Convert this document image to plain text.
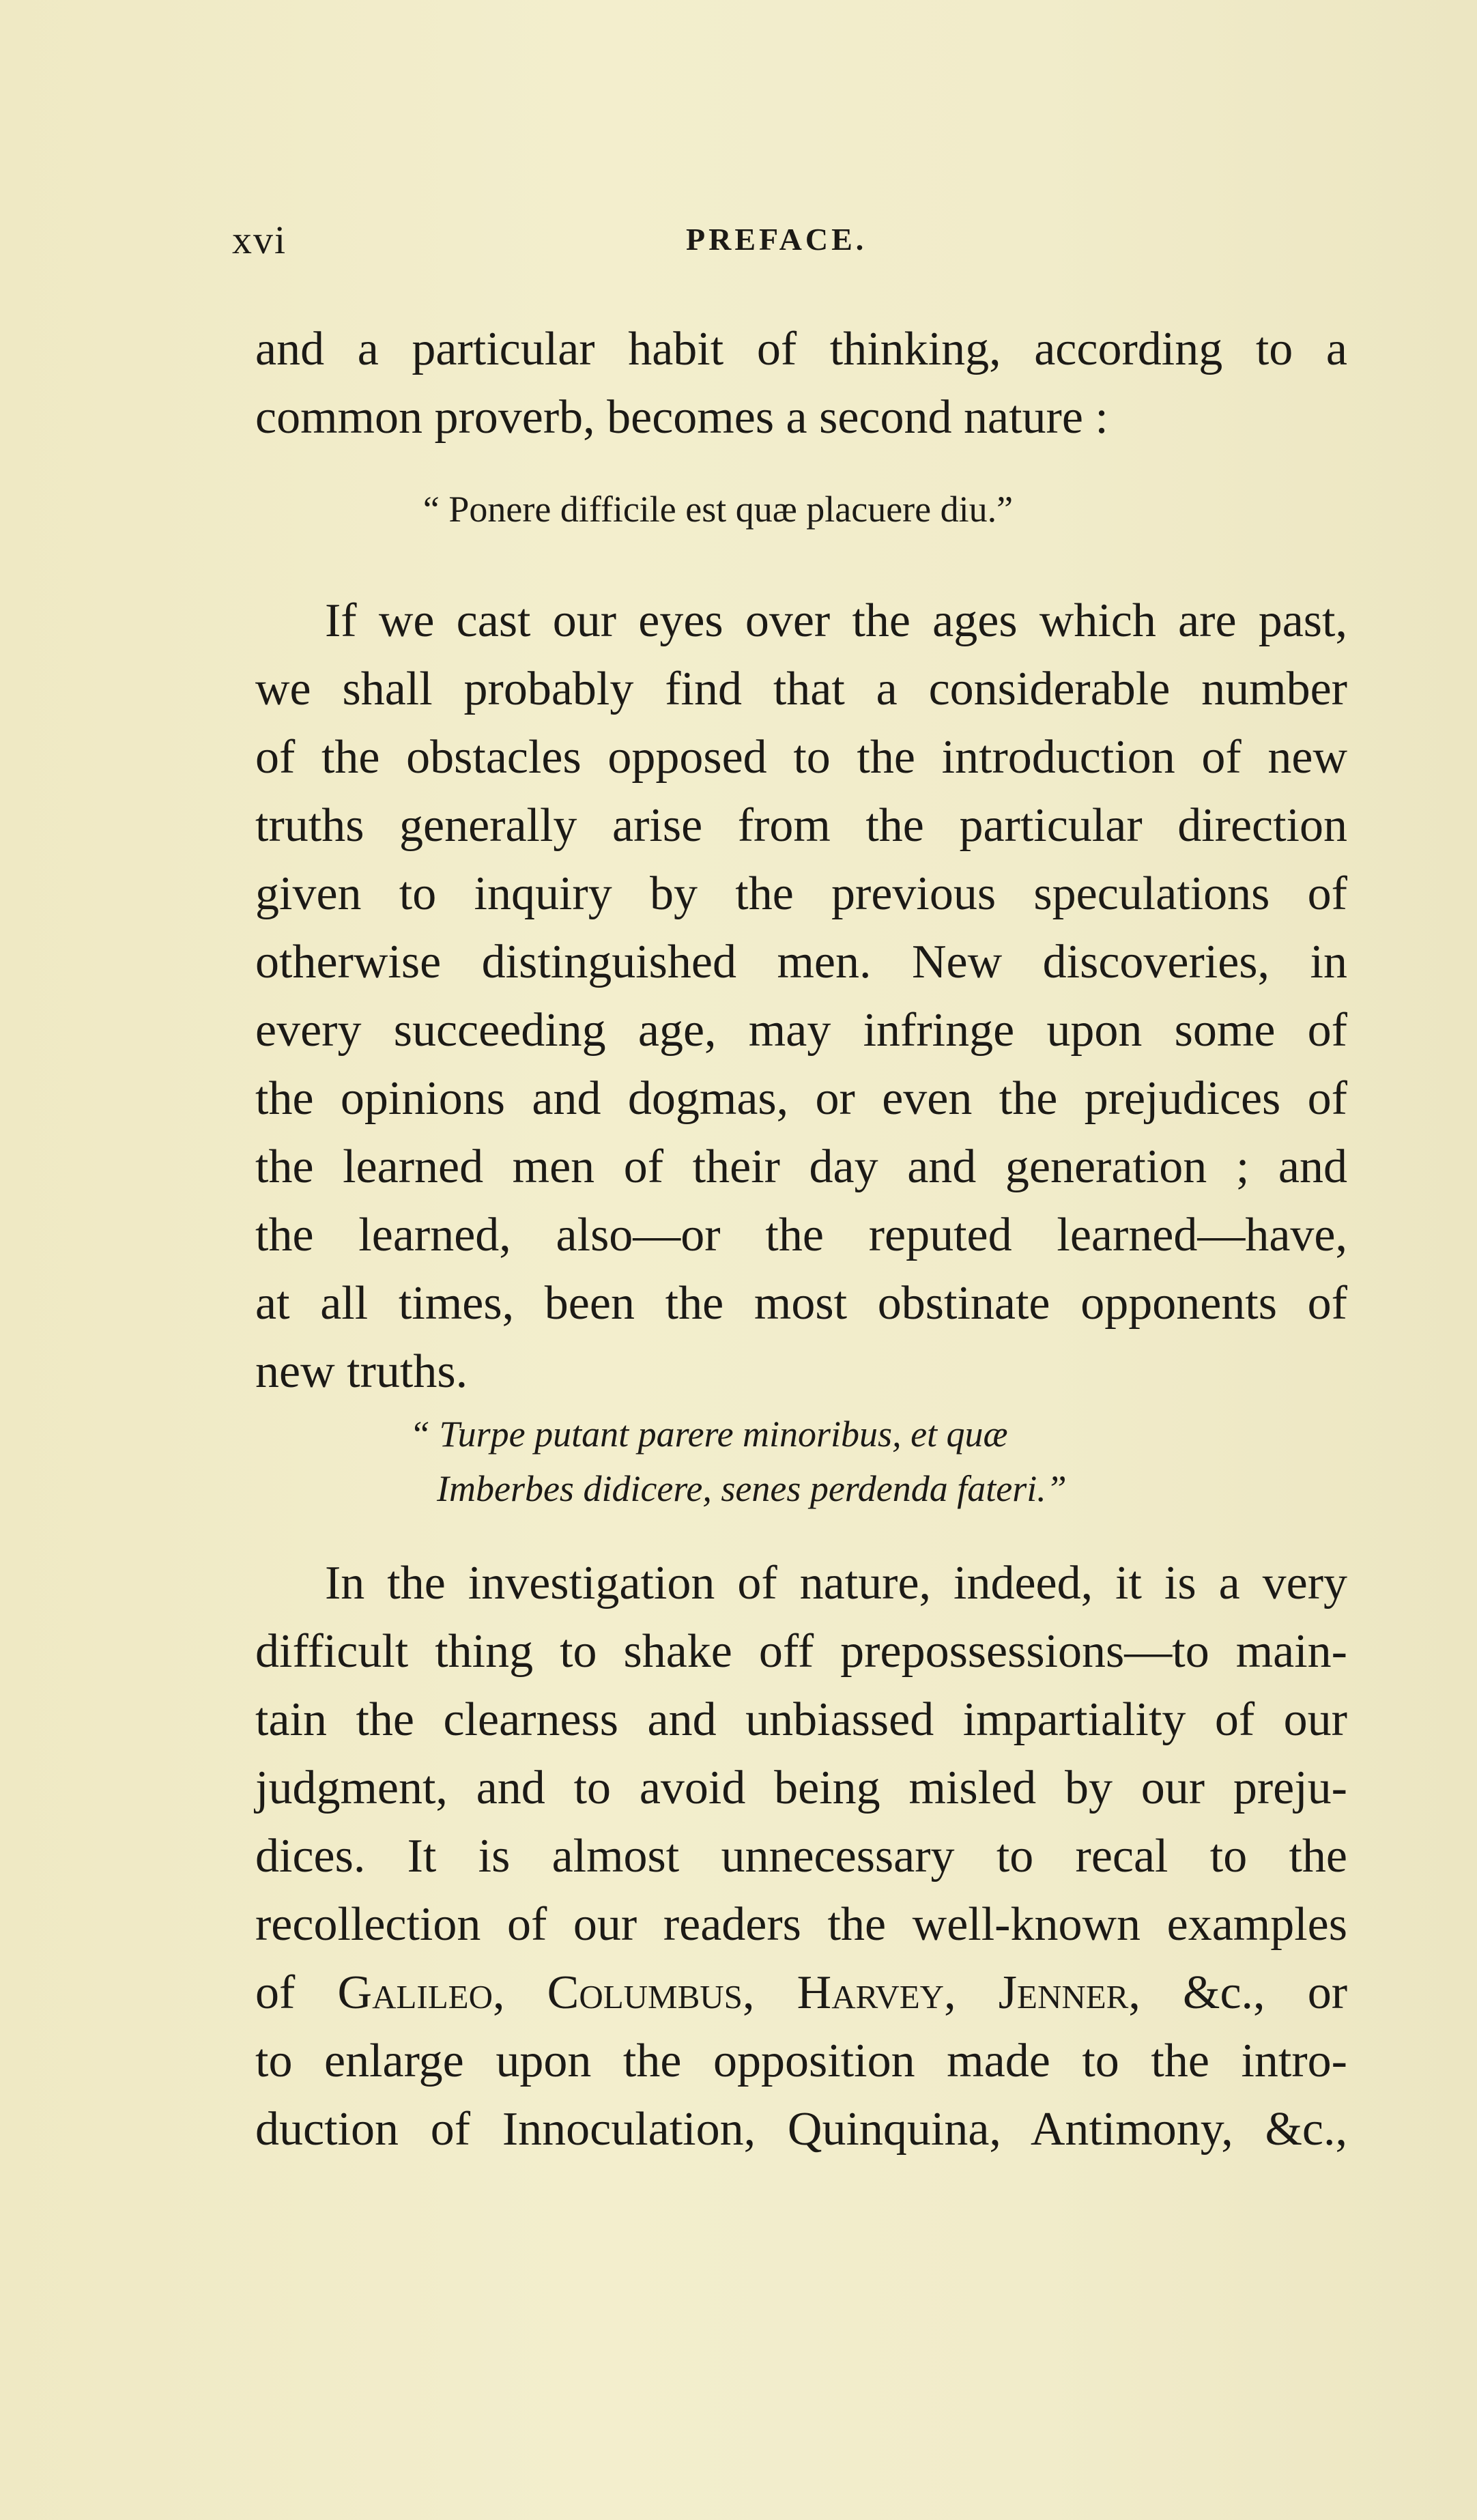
xvi	PREFACE.
and a particular habit of thinking, according to a
common proverb, becomes a second nature :
“ Ponere difficile est quæ placuere diu.”
If we cast our eyes over the ages which are past,
we shall probably find that a considerable number
of the obstacles opposed to the introduction of new
truths generally arise from the particular direction
given to inquiry by the previous speculations of
otherwise distinguished men. New discoveries, in
every succeeding age, may infringe upon some of
the opinions and dogmas, or even the prejudices of
the learned men of their day and generation ; and
the learned, also—or the reputed learned—have,
at all times, been the most obstinate opponents of
new truths.
“ Turpe putant parere minoribus, et quæ
Imberbes didicere, senes perdenda fateri.”
In the investigation of nature, indeed, it is a very
difficult thing to shake off prepossessions—to main-
tain the clearness and unbiassed impartiality of our
judgment, and to avoid being misled by our preju-
dices. It is almost unnecessary to recal to the
recollection of our readers the well-known examples
of Galileo, Columbus, Harvey, Jenner, &c., or
to enlarge upon the opposition made to the intro-
duction of Innoculation, Quinquina, Antimony, &c.,
